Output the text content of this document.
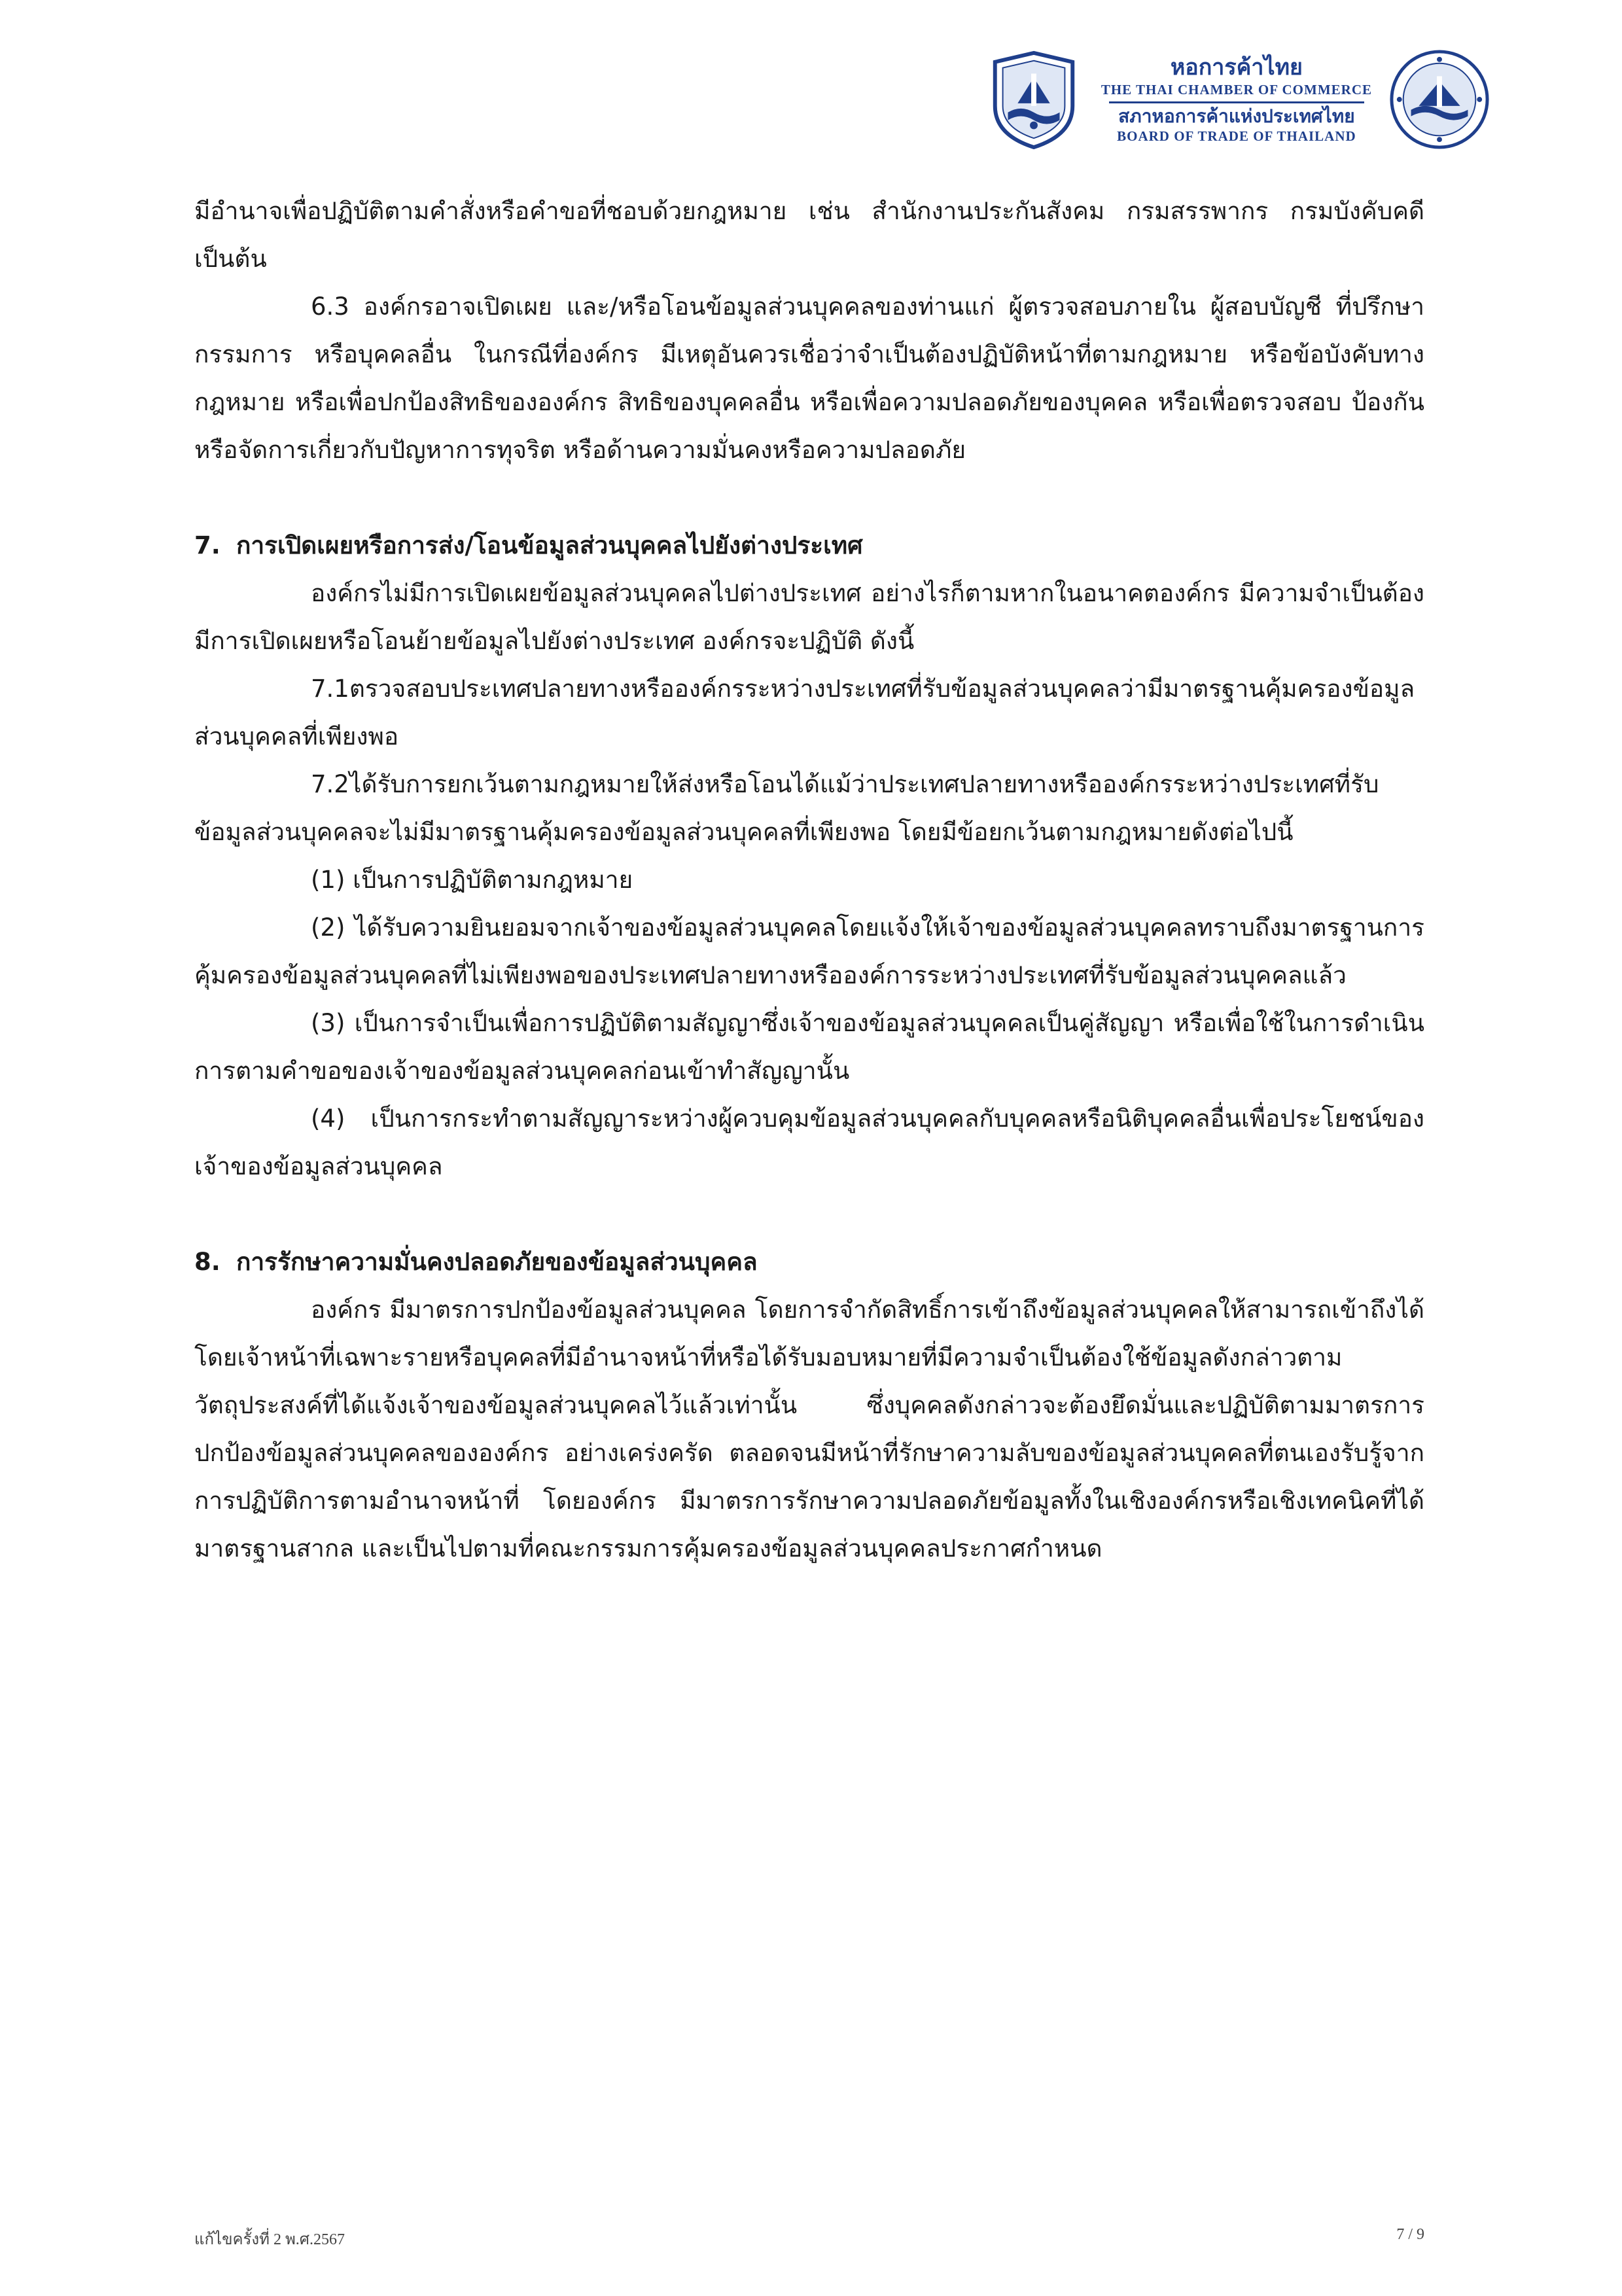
หอการค้าไทย
THE THAI CHAMBER OF COMMERCE
สภาหอการค้าแห่งประเทศไทย
BOARD OF TRADE OF THAILAND

มีอำนาจเพื่อปฏิบัติตามคำสั่งหรือคำขอที่ชอบด้วยกฎหมาย เช่น สำนักงานประกันสังคม กรมสรรพากร กรมบังคับคดี เป็นต้น

6.3 องค์กรอาจเปิดเผย และ/หรือโอนข้อมูลส่วนบุคคลของท่านแก่ ผู้ตรวจสอบภายใน ผู้สอบบัญชี ที่ปรึกษากรรมการ หรือบุคคลอื่น ในกรณีที่องค์กร มีเหตุอันควรเชื่อว่าจำเป็นต้องปฏิบัติหน้าที่ตามกฎหมาย หรือข้อบังคับทางกฎหมาย หรือเพื่อปกป้องสิทธิขององค์กร สิทธิของบุคคลอื่น หรือเพื่อความปลอดภัยของบุคคล หรือเพื่อตรวจสอบ ป้องกัน หรือจัดการเกี่ยวกับปัญหาการทุจริต หรือด้านความมั่นคงหรือความปลอดภัย

7. การเปิดเผยหรือการส่ง/โอนข้อมูลส่วนบุคคลไปยังต่างประเทศ

องค์กรไม่มีการเปิดเผยข้อมูลส่วนบุคคลไปต่างประเทศ อย่างไรก็ตามหากในอนาคตองค์กร มีความจำเป็นต้องมีการเปิดเผยหรือโอนย้ายข้อมูลไปยังต่างประเทศ องค์กรจะปฏิบัติ ดังนี้

7.1ตรวจสอบประเทศปลายทางหรือองค์กรระหว่างประเทศที่รับข้อมูลส่วนบุคคลว่ามีมาตรฐานคุ้มครองข้อมูลส่วนบุคคลที่เพียงพอ

7.2ได้รับการยกเว้นตามกฎหมายให้ส่งหรือโอนได้แม้ว่าประเทศปลายทางหรือองค์กรระหว่างประเทศที่รับข้อมูลส่วนบุคคลจะไม่มีมาตรฐานคุ้มครองข้อมูลส่วนบุคคลที่เพียงพอ โดยมีข้อยกเว้นตามกฎหมายดังต่อไปนี้

(1) เป็นการปฏิบัติตามกฎหมาย

(2) ได้รับความยินยอมจากเจ้าของข้อมูลส่วนบุคคลโดยแจ้งให้เจ้าของข้อมูลส่วนบุคคลทราบถึงมาตรฐานการคุ้มครองข้อมูลส่วนบุคคลที่ไม่เพียงพอของประเทศปลายทางหรือองค์การระหว่างประเทศที่รับข้อมูลส่วนบุคคลแล้ว

(3) เป็นการจำเป็นเพื่อการปฏิบัติตามสัญญาซึ่งเจ้าของข้อมูลส่วนบุคคลเป็นคู่สัญญา หรือเพื่อใช้ในการดำเนินการตามคำขอของเจ้าของข้อมูลส่วนบุคคลก่อนเข้าทำสัญญานั้น

(4) เป็นการกระทำตามสัญญาระหว่างผู้ควบคุมข้อมูลส่วนบุคคลกับบุคคลหรือนิติบุคคลอื่นเพื่อประโยชน์ของเจ้าของข้อมูลส่วนบุคคล

8. การรักษาความมั่นคงปลอดภัยของข้อมูลส่วนบุคคล

องค์กร มีมาตรการปกป้องข้อมูลส่วนบุคคล โดยการจำกัดสิทธิ์การเข้าถึงข้อมูลส่วนบุคคลให้สามารถเข้าถึงได้โดยเจ้าหน้าที่เฉพาะรายหรือบุคคลที่มีอำนาจหน้าที่หรือได้รับมอบหมายที่มีความจำเป็นต้องใช้ข้อมูลดังกล่าวตามวัตถุประสงค์ที่ได้แจ้งเจ้าของข้อมูลส่วนบุคคลไว้แล้วเท่านั้น ซึ่งบุคคลดังกล่าวจะต้องยึดมั่นและปฏิบัติตามมาตรการปกป้องข้อมูลส่วนบุคคลขององค์กร อย่างเคร่งครัด ตลอดจนมีหน้าที่รักษาความลับของข้อมูลส่วนบุคคลที่ตนเองรับรู้จากการปฏิบัติการตามอำนาจหน้าที่ โดยองค์กร มีมาตรการรักษาความปลอดภัยข้อมูลทั้งในเชิงองค์กรหรือเชิงเทคนิคที่ได้มาตรฐานสากล และเป็นไปตามที่คณะกรรมการคุ้มครองข้อมูลส่วนบุคคลประกาศกำหนด

แก้ไขครั้งที่ 2 พ.ศ.2567	7 / 9
